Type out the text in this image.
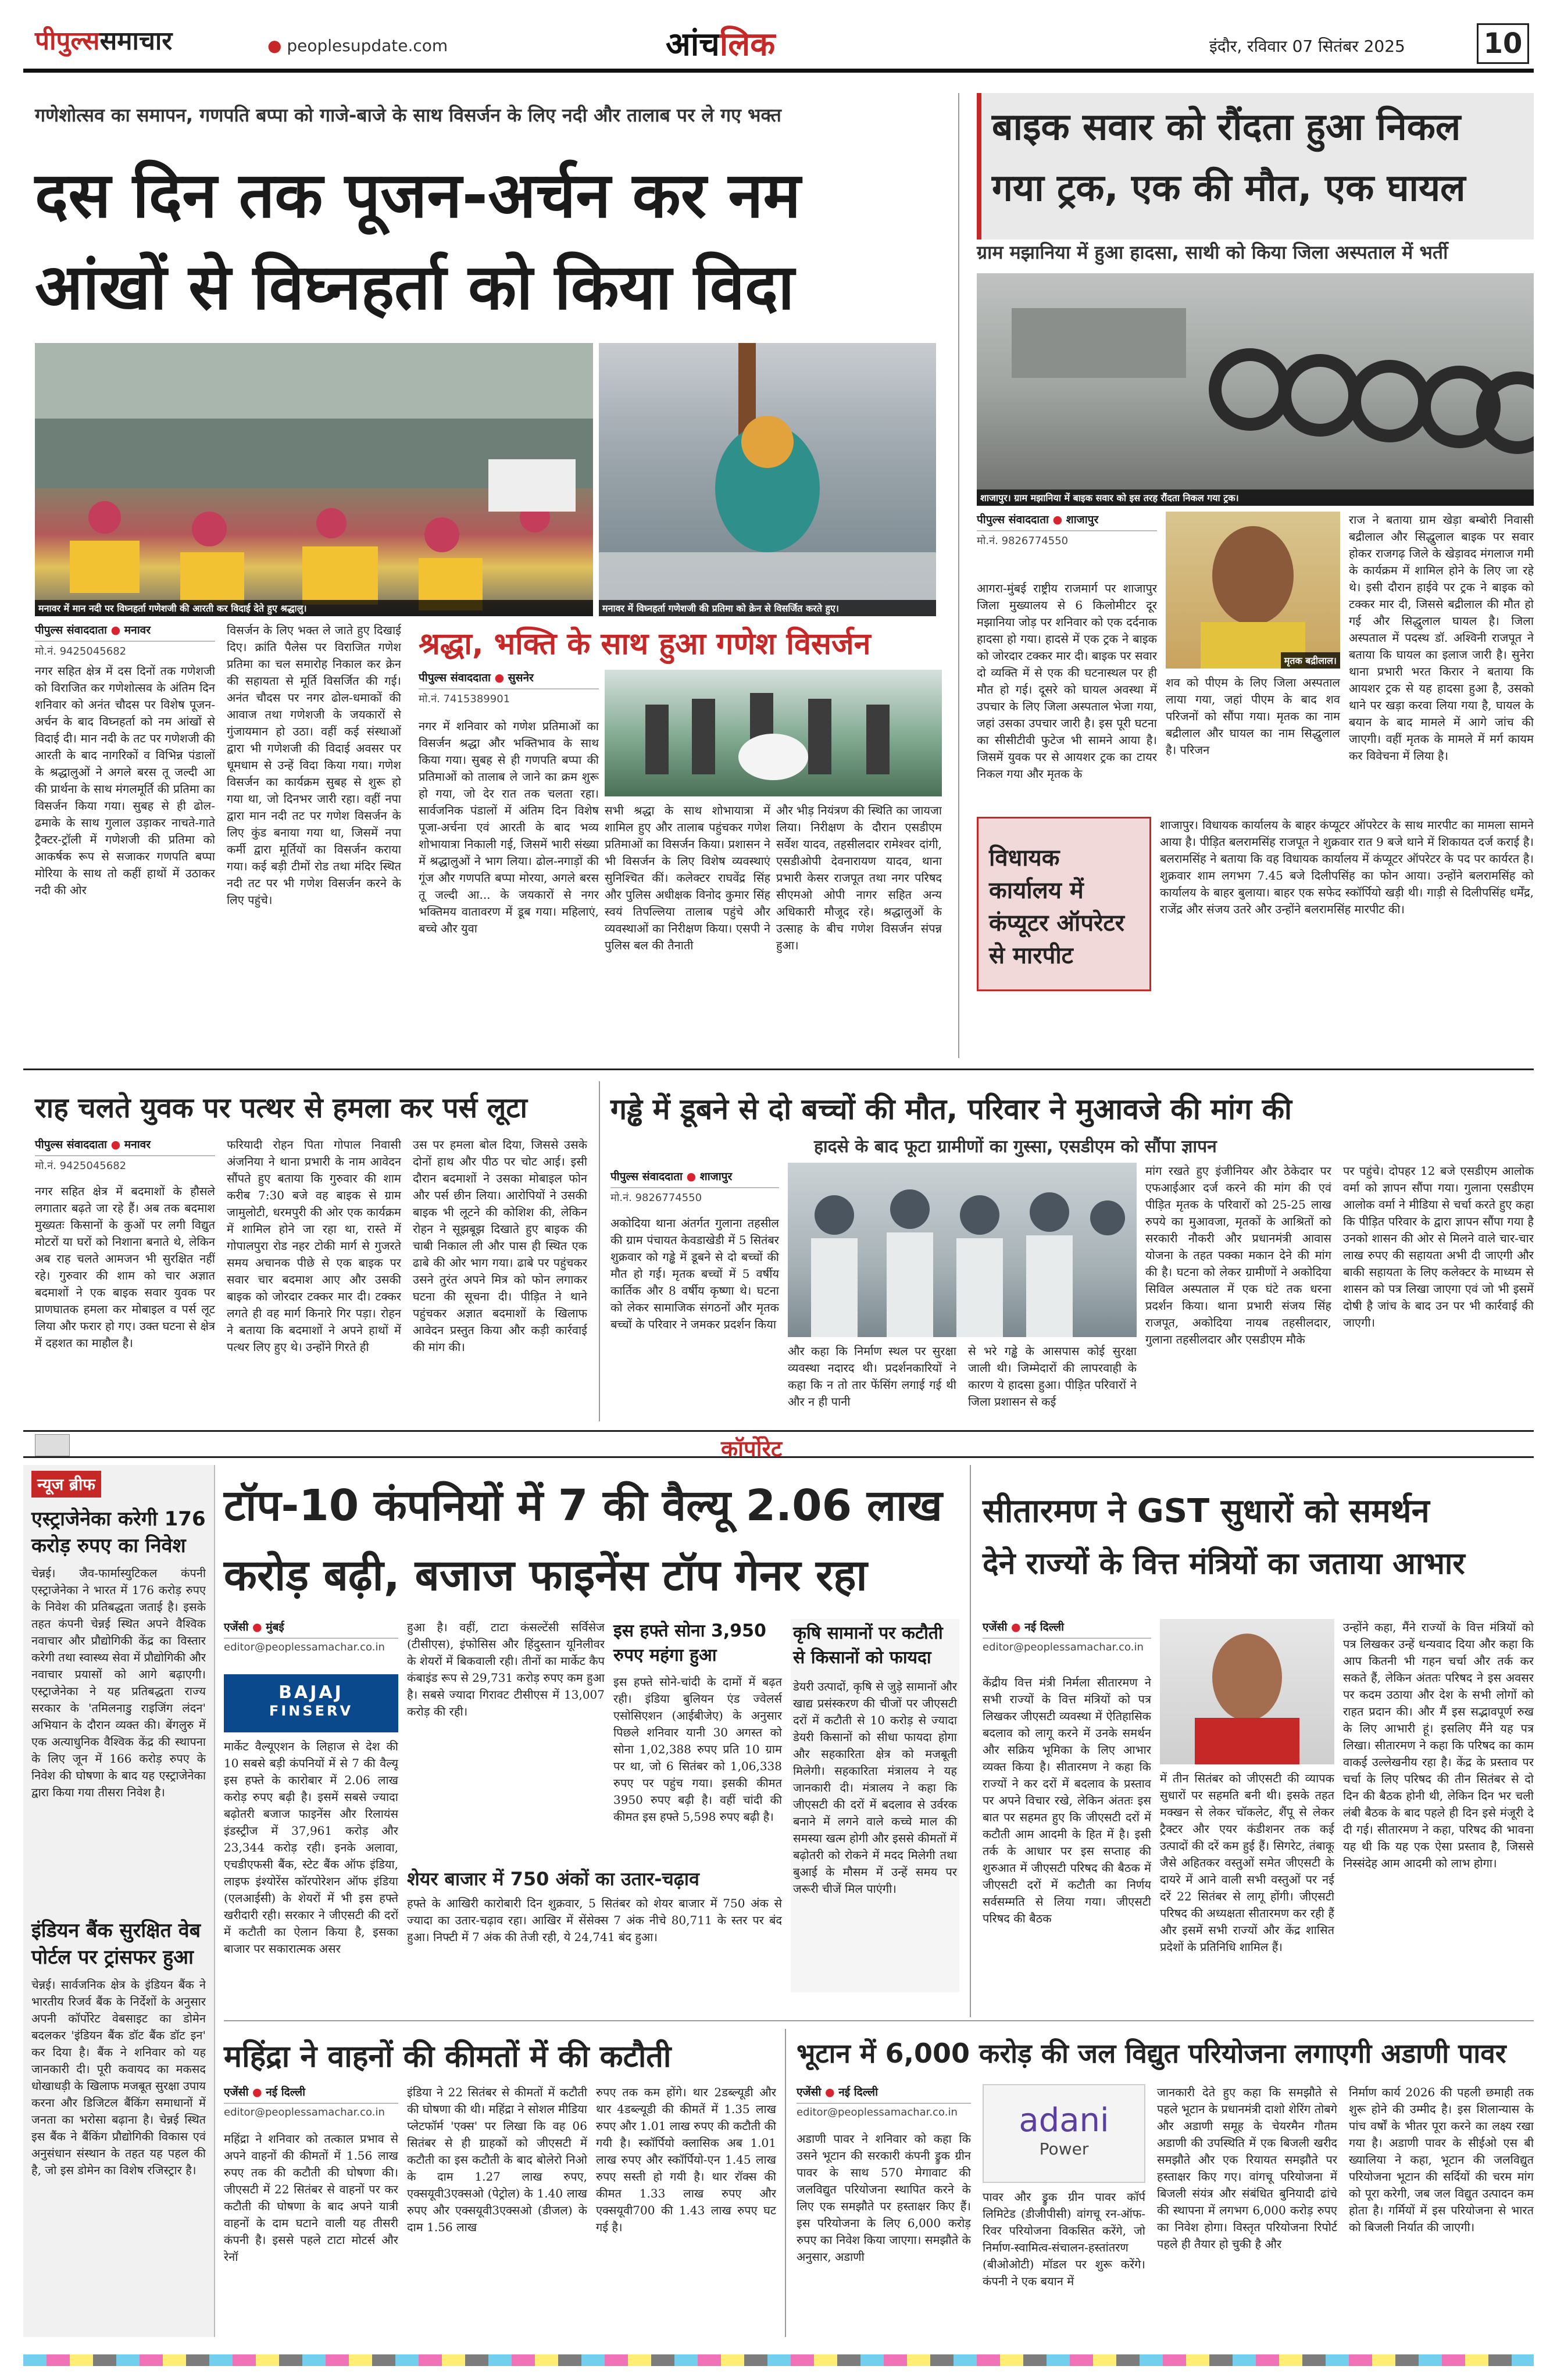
पीपुल्ससमाचार	● peoplesupdate.com	आंचलिक	इंदौर, रविवार 07 सितंबर 2025	10
गणेशोत्सव का समापन, गणपति बप्पा को गाजे-बाजे के साथ विसर्जन के लिए नदी और तालाब पर ले गए भक्त
दस दिन तक पूजन-अर्चन कर नम
आंखों से विघ्नहर्ता को किया विदा
मनावर में मान नदी पर विघ्नहर्ता गणेशजी की आरती कर विदाई देते हुए श्रद्धालु।	मनावर में विघ्नहर्ता गणेशजी की प्रतिमा को क्रेन से विसर्जित करते हुए।
पीपुल्स संवाददाता ● मनावर
मो.नं. 9425045682
नगर सहित क्षेत्र में दस दिनों तक गणेशजी को विराजित कर गणेशोत्सव के अंतिम दिन शनिवार को अनंत चौदस पर विशेष पूजन-अर्चन के बाद विघ्नहर्ता को नम आंखों से विदाई दी। मान नदी के तट पर गणेशजी की आरती के बाद नागरिकों व विभिन्न पंडालों के श्रद्धालुओं ने अगले बरस तू जल्दी आ की प्रार्थना के साथ मंगलमूर्ति की प्रतिमा का विसर्जन किया गया। सुबह से ही ढोल-ढमाके के साथ गुलाल उड़ाकर नाचते-गाते ट्रैक्टर-ट्रॉली में गणेशजी की प्रतिमा को आकर्षक रूप से सजाकर गणपति बप्पा मोरिया के साथ तो कहीं हाथों में उठाकर नदी की ओर
विसर्जन के लिए भक्त ले जाते हुए दिखाई दिए। क्रांति पैलेस पर विराजित गणेश प्रतिमा का चल समारोह निकाल कर क्रेन की सहायता से मूर्ति विसर्जित की गई। अनंत चौदस पर नगर ढोल-धमाकों की आवाज तथा गणेशजी के जयकारों से गुंजायमान हो उठा। वहीं कई संस्थाओं द्वारा भी गणेशजी की विदाई अवसर पर धूमधाम से उन्हें विदा किया गया। गणेश विसर्जन का कार्यक्रम सुबह से शुरू हो गया था, जो दिनभर जारी रहा। वहीं नपा द्वारा मान नदी तट पर गणेश विसर्जन के लिए कुंड बनाया गया था, जिसमें नपा कर्मी द्वारा मूर्तियों का विसर्जन कराया गया। कई बड़ी टीमों रोड तथा मंदिर स्थित नदी तट पर भी गणेश विसर्जन करने के लिए पहुंचे।
श्रद्धा, भक्ति के साथ हुआ गणेश विसर्जन
पीपुल्स संवाददाता ● सुसनेर
मो.नं. 7415389901
नगर में शनिवार को गणेश प्रतिमाओं का विसर्जन श्रद्धा और भक्तिभाव के साथ किया गया। सुबह से ही गणपति बप्पा की प्रतिमाओं को तालाब ले जाने का क्रम शुरू हो गया, जो देर रात तक चलता रहा। सार्वजनिक पंडालों में अंतिम दिन विशेष पूजा-अर्चना एवं आरती के बाद भव्य शोभायात्रा निकाली गई, जिसमें भारी संख्या में श्रद्धालुओं ने भाग लिया। ढोल-नगाड़ों की गूंज और गणपति बप्पा मोरया, अगले बरस तू जल्दी आ... के जयकारों से नगर भक्तिमय वातावरण में डूब गया। महिलाएं, बच्चे और युवा
सभी श्रद्धा के साथ शोभायात्रा में शामिल हुए और तालाब पहुंचकर गणेश प्रतिमाओं का विसर्जन किया। प्रशासन ने भी विसर्जन के लिए विशेष व्यवस्थाएं सुनिश्चित कीं। कलेक्टर राघवेंद्र सिंह और पुलिस अधीक्षक विनोद कुमार सिंह स्वयं तिपल्लिया तालाब पहुंचे और व्यवस्थाओं का निरीक्षण किया। एसपी ने पुलिस बल की तैनाती
और भीड़ नियंत्रण की स्थिति का जायजा लिया। निरीक्षण के दौरान एसडीएम सर्वेश यादव, तहसीलदार रामेश्वर दांगी, एसडीओपी देवनारायण यादव, थाना प्रभारी केसर राजपूत तथा नगर परिषद सीएमओ ओपी नागर सहित अन्य अधिकारी मौजूद रहे। श्रद्धालुओं के उत्साह के बीच गणेश विसर्जन संपन्न हुआ।
बाइक सवार को रौंदता हुआ निकल
गया ट्रक, एक की मौत, एक घायल
ग्राम मझानिया में हुआ हादसा, साथी को किया जिला अस्पताल में भर्ती
शाजापुर। ग्राम मझानिया में बाइक सवार को इस तरह रौंदता निकल गया ट्रक।
पीपुल्स संवाददाता ● शाजापुर
मो.नं. 9826774550
आगरा-मुंबई राष्ट्रीय राजमार्ग पर शाजापुर जिला मुख्यालय से 6 किलोमीटर दूर मझानिया जोड़ पर शनिवार को एक दर्दनाक हादसा हो गया। हादसे में एक ट्रक ने बाइक को जोरदार टक्कर मार दी। बाइक पर सवार दो व्यक्ति में से एक की घटनास्थल पर ही मौत हो गई। दूसरे को घायल अवस्था में उपचार के लिए जिला अस्पताल भेजा गया, जहां उसका उपचार जारी है। इस पूरी घटना का सीसीटीवी फुटेज भी सामने आया है। जिसमें युवक पर से आयशर ट्रक का टायर निकल गया और मृतक के
मृतक बद्रीलाल।
शव को पीएम के लिए जिला अस्पताल लाया गया, जहां पीएम के बाद शव परिजनों को सौंपा गया। मृतक का नाम बद्रीलाल और घायल का नाम सिद्धुलाल है। परिजन
राज ने बताया ग्राम खेड़ा बम्बोरी निवासी बद्रीलाल और सिद्धुलाल बाइक पर सवार होकर राजगढ़ जिले के खेड़ावद मंगलाज गमी के कार्यक्रम में शामिल होने के लिए जा रहे थे। इसी दौरान हाईवे पर ट्रक ने बाइक को टक्कर मार दी, जिससे बद्रीलाल की मौत हो गई और सिद्धुलाल घायल है। जिला अस्पताल में पदस्थ डॉ. अश्विनी राजपूत ने बताया कि घायल का इलाज जारी है। सुनेरा थाना प्रभारी भरत किरार ने बताया कि आयशर ट्रक से यह हादसा हुआ है, उसको थाने पर खड़ा करवा लिया गया है, घायल के बयान के बाद मामले में आगे जांच की जाएगी। वहीं मृतक के मामले में मर्ग कायम कर विवेचना में लिया है।
विधायक कार्यालय में कंप्यूटर ऑपरेटर से मारपीट
शाजापुर। विधायक कार्यालय के बाहर कंप्यूटर ऑपरेटर के साथ मारपीट का मामला सामने आया है। पीड़ित बलरामसिंह राजपूत ने शुक्रवार रात 9 बजे थाने में शिकायत दर्ज कराई है। बलरामसिंह ने बताया कि वह विधायक कार्यालय में कंप्यूटर ऑपरेटर के पद पर कार्यरत है। शुक्रवार शाम लगभग 7.45 बजे दिलीपसिंह का फोन आया। उन्होंने बलरामसिंह को कार्यालय के बाहर बुलाया। बाहर एक सफेद स्कॉर्पियो खड़ी थी। गाड़ी से दिलीपसिंह धर्मेंद्र, राजेंद्र और संजय उतरे और उन्होंने बलरामसिंह मारपीट की।
राह चलते युवक पर पत्थर से हमला कर पर्स लूटा
पीपुल्स संवाददाता ● मनावर
मो.नं. 9425045682
नगर सहित क्षेत्र में बदमाशों के हौसले लगातार बढ़ते जा रहे हैं। अब तक बदमाश मुख्यतः किसानों के कुओं पर लगी विद्युत मोटरों या घरों को निशाना बनाते थे, लेकिन अब राह चलते आमजन भी सुरक्षित नहीं रहे। गुरुवार की शाम को चार अज्ञात बदमाशों ने एक बाइक सवार युवक पर प्राणघातक हमला कर मोबाइल व पर्स लूट लिया और फरार हो गए। उक्त घटना से क्षेत्र में दहशत का माहौल है।
फरियादी रोहन पिता गोपाल निवासी अंजनिया ने थाना प्रभारी के नाम आवेदन सौंपते हुए बताया कि गुरुवार की शाम करीब 7:30 बजे वह बाइक से ग्राम जामुलोटी, धरमपुरी की ओर एक कार्यक्रम में शामिल होने जा रहा था, रास्ते में गोपालपुरा रोड नहर टोकी मार्ग से गुजरते समय अचानक पीछे से एक बाइक पर सवार चार बदमाश आए और उसकी बाइक को जोरदार टक्कर मार दी। टक्कर लगते ही वह मार्ग किनारे गिर पड़ा। रोहन ने बताया कि बदमाशों ने अपने हाथों में पत्थर लिए हुए थे। उन्होंने गिरते ही
उस पर हमला बोल दिया, जिससे उसके दोनों हाथ और पीठ पर चोट आई। इसी दौरान बदमाशों ने उसका मोबाइल फोन और पर्स छीन लिया। आरोपियों ने उसकी बाइक भी लूटने की कोशिश की, लेकिन रोहन ने सूझबूझ दिखाते हुए बाइक की चाबी निकाल ली और पास ही स्थित एक ढाबे की ओर भाग गया। ढाबे पर पहुंचकर उसने तुरंत अपने मित्र को फोन लगाकर घटना की सूचना दी। पीड़ित ने थाने पहुंचकर अज्ञात बदमाशों के खिलाफ आवेदन प्रस्तुत किया और कड़ी कार्रवाई की मांग की।
गड्ढे में डूबने से दो बच्चों की मौत, परिवार ने मुआवजे की मांग की
हादसे के बाद फूटा ग्रामीणों का गुस्सा, एसडीएम को सौंपा ज्ञापन
पीपुल्स संवाददाता ● शाजापुर
मो.नं. 9826774550
अकोदिया थाना अंतर्गत गुलाना तहसील की ग्राम पंचायत केवडाखेडी में 5 सितंबर शुक्रवार को गड्ढे में डूबने से दो बच्चों की मौत हो गई। मृतक बच्चों में 5 वर्षीय कार्तिक और 8 वर्षीय कृष्णा थे। घटना को लेकर सामाजिक संगठनों और मृतक बच्चों के परिवार ने जमकर प्रदर्शन किया
और कहा कि निर्माण स्थल पर सुरक्षा व्यवस्था नदारद थी। प्रदर्शनकारियों ने कहा कि न तो तार फेंसिंग लगाई गई थी और न ही पानी
से भरे गड्ढे के आसपास कोई सुरक्षा जाली थी। जिम्मेदारों की लापरवाही के कारण ये हादसा हुआ। पीड़ित परिवारों ने जिला प्रशासन से कई
मांग रखते हुए इंजीनियर और ठेकेदार पर एफआईआर दर्ज करने की मांग की एवं पीड़ित मृतक के परिवारों को 25-25 लाख रुपये का मुआवजा, मृतकों के आश्रितों को सरकारी नौकरी और प्रधानमंत्री आवास योजना के तहत पक्का मकान देने की मांग की है। घटना को लेकर ग्रामीणों ने अकोदिया सिविल अस्पताल में एक घंटे तक धरना प्रदर्शन किया। थाना प्रभारी संजय सिंह राजपूत, अकोदिया नायब तहसीलदार, गुलाना तहसीलदार और एसडीएम मौके
पर पहुंचे। दोपहर 12 बजे एसडीएम आलोक वर्मा को ज्ञापन सौंपा गया। गुलाना एसडीएम आलोक वर्मा ने मीडिया से चर्चा करते हुए कहा कि पीड़ित परिवार के द्वारा ज्ञापन सौंपा गया है उनको शासन की ओर से मिलने वाले चार-चार लाख रुपए की सहायता अभी दी जाएगी और बाकी सहायता के लिए कलेक्टर के माध्यम से शासन को पत्र लिखा जाएगा एवं जो भी इसमें दोषी है जांच के बाद उन पर भी कार्रवाई की जाएगी।
कॉर्पोरेट
न्यूज ब्रीफ
एस्ट्राजेनेका करेगी 176 करोड़ रुपए का निवेश
चेन्नई। जैव-फार्मास्युटिकल कंपनी एस्ट्राजेनेका ने भारत में 176 करोड़ रुपए के निवेश की प्रतिबद्धता जताई है। इसके तहत कंपनी चेन्नई स्थित अपने वैश्विक नवाचार और प्रौद्योगिकी केंद्र का विस्तार करेगी तथा स्वास्थ्य सेवा में प्रौद्योगिकी और नवाचार प्रयासों को आगे बढ़ाएगी। एस्ट्राजेनेका ने यह प्रतिबद्धता राज्य सरकार के 'तमिलनाडु राइजिंग लंदन' अभियान के दौरान व्यक्त की। बेंगलुरु में एक अत्याधुनिक वैश्विक केंद्र की स्थापना के लिए जून में 166 करोड़ रुपए के निवेश की घोषणा के बाद यह एस्ट्राजेनेका द्वारा किया गया तीसरा निवेश है।
इंडियन बैंक सुरक्षित वेब पोर्टल पर ट्रांसफर हुआ
चेन्नई। सार्वजनिक क्षेत्र के इंडियन बैंक ने भारतीय रिजर्व बैंक के निर्देशों के अनुसार अपनी कॉर्पोरेट वेबसाइट का डोमेन बदलकर 'इंडियन बैंक डॉट बैंक डॉट इन' कर दिया है। बैंक ने शनिवार को यह जानकारी दी। पूरी कवायद का मकसद धोखाधड़ी के खिलाफ मजबूत सुरक्षा उपाय करना और डिजिटल बैंकिंग समाधानों में जनता का भरोसा बढ़ाना है। चेन्नई स्थित इस बैंक ने बैंकिंग प्रौद्योगिकी विकास एवं अनुसंधान संस्थान के तहत यह पहल की है, जो इस डोमेन का विशेष रजिस्ट्रार है।
टॉप-10 कंपनियों में 7 की वैल्यू 2.06 लाख
करोड़ बढ़ी, बजाज फाइनेंस टॉप गेनर रहा
एजेंसी ● मुंबई
editor@peoplessamachar.co.in
BAJAJ
FINSERV
मार्केट वैल्यूएशन के लिहाज से देश की 10 सबसे बड़ी कंपनियों में से 7 की वैल्यू इस हफ्ते के कारोबार में 2.06 लाख करोड़ रुपए बढ़ी है। इसमें सबसे ज्यादा बढ़ोतरी बजाज फाइनेंस और रिलायंस इंडस्ट्रीज में 37,961 करोड़ और 23,344 करोड़ रही। इनके अलावा, एचडीएफसी बैंक, स्टेट बैंक ऑफ इंडिया, लाइफ इंश्योरेंस कॉरपोरेशन ऑफ इंडिया (एलआईसी) के शेयरों में भी इस हफ्ते खरीदारी रही। सरकार ने जीएसटी की दरों में कटौती का ऐलान किया है, इसका बाजार पर सकारात्मक असर
हुआ है। वहीं, टाटा कंसल्टेंसी सर्विसेज (टीसीएस), इंफोसिस और हिंदुस्तान यूनिलीवर के शेयरों में बिकवाली रही। तीनों का मार्केट कैप कंबाइंड रूप से 29,731 करोड़ रुपए कम हुआ है। सबसे ज्यादा गिरावट टीसीएस में 13,007 करोड़ की रही।
इस हफ्ते सोना 3,950 रुपए महंगा हुआ
इस हफ्ते सोने-चांदी के दामों में बढ़त रही। इंडिया बुलियन एंड ज्वेलर्स एसोसिएशन (आईबीजेए) के अनुसार पिछले शनिवार यानी 30 अगस्त को सोना 1,02,388 रुपए प्रति 10 ग्राम पर था, जो 6 सितंबर को 1,06,338 रुपए पर पहुंच गया। इसकी कीमत 3950 रुपए बढ़ी है। वहीं चांदी की कीमत इस हफ्ते 5,598 रुपए बढ़ी है।
कृषि सामानों पर कटौती से किसानों को फायदा
डेयरी उत्पादों, कृषि से जुड़े सामानों और खाद्य प्रसंस्करण की चीजों पर जीएसटी दरों में कटौती से 10 करोड़ से ज्यादा डेयरी किसानों को सीधा फायदा होगा और सहकारिता क्षेत्र को मजबूती मिलेगी। सहकारिता मंत्रालय ने यह जानकारी दी। मंत्रालय ने कहा कि जीएसटी की दरों में बदलाव से उर्वरक बनाने में लगने वाले कच्चे माल की समस्या खत्म होगी और इससे कीमतों में बढ़ोतरी को रोकने में मदद मिलेगी तथा बुआई के मौसम में उन्हें समय पर जरूरी चीजें मिल पाएंगी।
शेयर बाजार में 750 अंकों का उतार-चढ़ाव
हफ्ते के आखिरी कारोबारी दिन शुक्रवार, 5 सितंबर को शेयर बाजार में 750 अंक से ज्यादा का उतार-चढ़ाव रहा। आखिर में सेंसेक्स 7 अंक नीचे 80,711 के स्तर पर बंद हुआ। निफ्टी में 7 अंक की तेजी रही, ये 24,741 बंद हुआ।
सीतारमण ने GST सुधारों को समर्थन
देने राज्यों के वित्त मंत्रियों का जताया आभार
एजेंसी ● नई दिल्ली
editor@peoplessamachar.co.in
केंद्रीय वित्त मंत्री निर्मला सीतारमण ने सभी राज्यों के वित्त मंत्रियों को पत्र लिखकर जीएसटी व्यवस्था में ऐतिहासिक बदलाव को लागू करने में उनके समर्थन और सक्रिय भूमिका के लिए आभार व्यक्त किया है। सीतारमण ने कहा कि राज्यों ने कर दरों में बदलाव के प्रस्ताव पर अपने विचार रखे, लेकिन अंततः इस बात पर सहमत हुए कि जीएसटी दरों में कटौती आम आदमी के हित में है। इसी तर्क के आधार पर इस सप्ताह की शुरुआत में जीएसटी परिषद की बैठक में जीएसटी दरों में कटौती का निर्णय सर्वसम्मति से लिया गया। जीएसटी परिषद की बैठक
में तीन सितंबर को जीएसटी की व्यापक सुधारों पर सहमति बनी थी। इसके तहत मक्खन से लेकर चॉकलेट, शैंपू से लेकर ट्रैक्टर और एयर कंडीशनर तक कई उत्पादों की दरें कम हुई हैं। सिगरेट, तंबाकू जैसे अहितकर वस्तुओं समेत जीएसटी के दायरे में आने वाली सभी वस्तुओं पर नई दरें 22 सितंबर से लागू होंगी। जीएसटी परिषद की अध्यक्षता सीतारमण कर रही हैं और इसमें सभी राज्यों और केंद्र शासित प्रदेशों के प्रतिनिधि शामिल हैं।
उन्होंने कहा, मैंने राज्यों के वित्त मंत्रियों को पत्र लिखकर उन्हें धन्यवाद दिया और कहा कि आप कितनी भी गहन चर्चा और तर्क कर सकते हैं, लेकिन अंततः परिषद ने इस अवसर पर कदम उठाया और देश के सभी लोगों को राहत प्रदान की। और मैं इस सद्भावपूर्ण रुख के लिए आभारी हूं। इसलिए मैंने यह पत्र लिखा। सीतारमण ने कहा कि परिषद का काम वाकई उल्लेखनीय रहा है। केंद्र के प्रस्ताव पर चर्चा के लिए परिषद की तीन सितंबर से दो दिन की बैठक होनी थी, लेकिन दिन भर चली लंबी बैठक के बाद पहले ही दिन इसे मंजूरी दे दी गई। सीतारमण ने कहा, परिषद की भावना यह थी कि यह एक ऐसा प्रस्ताव है, जिससे निस्संदेह आम आदमी को लाभ होगा।
महिंद्रा ने वाहनों की कीमतों में की कटौती
एजेंसी ● नई दिल्ली
editor@peoplessamachar.co.in
महिंद्रा ने शनिवार को तत्काल प्रभाव से अपने वाहनों की कीमतों में 1.56 लाख रुपए तक की कटौती की घोषणा की। जीएसटी में 22 सितंबर से वाहनों पर कर कटौती की घोषणा के बाद अपने यात्री वाहनों के दाम घटाने वाली यह तीसरी कंपनी है। इससे पहले टाटा मोटर्स और रेनॉ
इंडिया ने 22 सितंबर से कीमतों में कटौती की घोषणा की थी। महिंद्रा ने सोशल मीडिया प्लेटफॉर्म 'एक्स' पर लिखा कि वह 06 सितंबर से ही ग्राहकों को जीएसटी में कटौती का इस कटौती के बाद बोलेरो निओ के दाम 1.27 लाख रुपए, एक्सयूवी3एक्सओ (पेट्रोल) के 1.40 लाख रुपए और एक्सयूवी3एक्सओ (डीजल) के दाम 1.56 लाख
रुपए तक कम होंगे। थार 2डब्ल्यूडी और थार 4डब्ल्यूडी की कीमतें में 1.35 लाख रुपए और 1.01 लाख रुपए की कटौती की गयी है। स्कॉर्पियो क्लासिक अब 1.01 लाख रुपए और स्कॉर्पियो-एन 1.45 लाख रुपए सस्ती हो गयी है। थार रॉक्स की कीमत 1.33 लाख रुपए और एक्सयूवी700 की 1.43 लाख रुपए घट गई है।
भूटान में 6,000 करोड़ की जल विद्युत परियोजना लगाएगी अडाणी पावर
एजेंसी ● नई दिल्ली
editor@peoplessamachar.co.in
अडाणी पावर ने शनिवार को कहा कि उसने भूटान की सरकारी कंपनी ड्रुक ग्रीन पावर के साथ 570 मेगावाट की जलविद्युत परियोजना स्थापित करने के लिए एक समझौते पर हस्ताक्षर किए हैं। इस परियोजना के लिए 6,000 करोड़ रुपए का निवेश किया जाएगा। समझौते के अनुसार, अडाणी
adani
Power
पावर और ड्रुक ग्रीन पावर कॉर्प लिमिटेड (डीजीपीसी) वांगचू रन-ऑफ-रिवर परियोजना विकसित करेंगे, जो निर्माण-स्वामित्व-संचालन-हस्तांतरण (बीओओटी) मॉडल पर शुरू करेंगे। कंपनी ने एक बयान में
जानकारी देते हुए कहा कि समझौते से पहले भूटान के प्रधानमंत्री दाशो शेरिंग तोबगे और अडाणी समूह के चेयरमैन गौतम अडाणी की उपस्थिति में एक बिजली खरीद समझौते और एक रियायत समझौते पर हस्ताक्षर किए गए। वांगचू परियोजना में बिजली संयंत्र और संबंधित बुनियादी ढांचे की स्थापना में लगभग 6,000 करोड़ रुपए का निवेश होगा। विस्तृत परियोजना रिपोर्ट पहले ही तैयार हो चुकी है और
निर्माण कार्य 2026 की पहली छमाही तक शुरू होने की उम्मीद है। इस शिलान्यास के पांच वर्षों के भीतर पूरा करने का लक्ष्य रखा गया है। अडाणी पावर के सीईओ एस बी ख्यालिया ने कहा, भूटान की जलविद्युत परियोजना भूटान की सर्दियों की चरम मांग को पूरा करेगी, जब जल विद्युत उत्पादन कम होता है। गर्मियों में इस परियोजना से भारत को बिजली निर्यात की जाएगी।
